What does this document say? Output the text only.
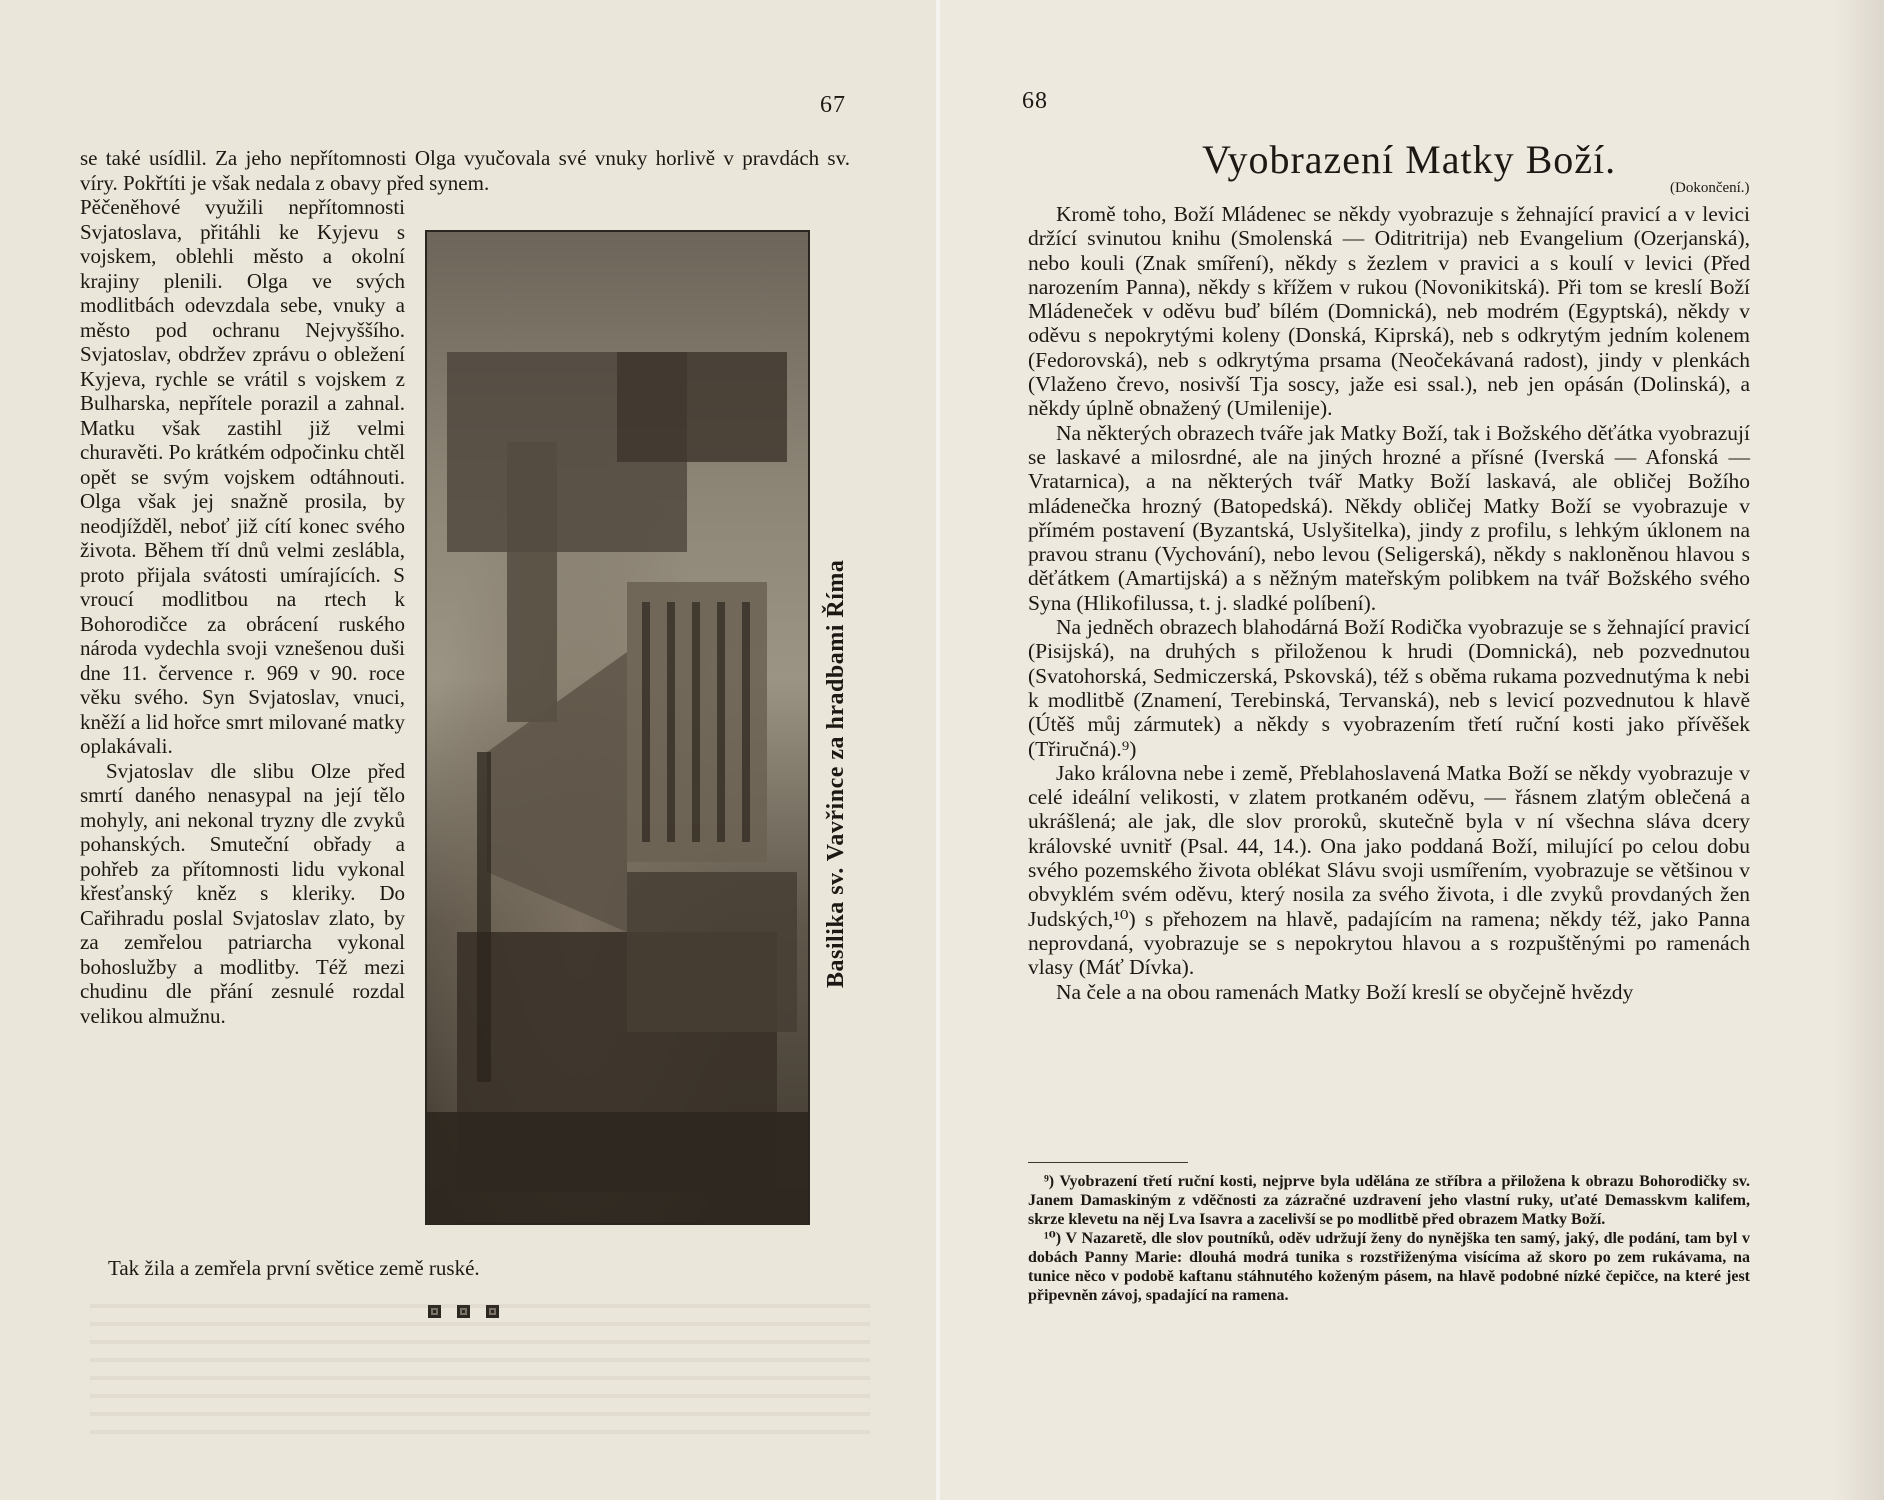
67

se také usídlil. Za jeho nepřítomnosti Olga vyučovala své vnuky horlivě v pravdách sv. víry. Pokřtíti je však nedala z obavy před synem.

Pěčeněhové využili nepřítomnosti Svjatoslava, přitáhli ke Kyjevu s vojskem, oblehli město a okolní krajiny plenili. Olga ve svých modlitbách odevzdala sebe, vnuky a město pod ochranu Nejvyššího. Svjatoslav, obdržev zprávu o obležení Kyjeva, rychle se vrátil s vojskem z Bulharska, nepřítele porazil a zahnal. Matku však zastihl již velmi churavěti. Po krátkém odpočinku chtěl opět se svým vojskem odtáhnouti. Olga však jej snažně prosila, by neodjížděl, neboť již cítí konec svého života. Během tří dnů velmi zeslábla, proto přijala svátosti umírajících. S vroucí modlitbou na rtech k Bohorodičce za obrácení ruského národa vydechla svoji vznešenou duši dne 11. července r. 969 v 90. roce věku svého. Syn Svjatoslav, vnuci, kněží a lid hořce smrt milované matky oplakávali.

Svjatoslav dle slibu Olze před smrtí daného nenasypal na její tělo mohyly, ani nekonal tryzny dle zvyků pohanských. Smuteční obřady a pohřeb za přítomnosti lidu vykonal křesťanský kněz s kleriky. Do Cařihradu poslal Svjatoslav zlato, by za zemřelou patriarcha vykonal bohoslužby a modlitby. Též mezi chudinu dle přání zesnulé rozdal velikou almužnu.

Basilika sv. Vavřince za hradbami Říma
Tak žila a zemřela první světice země ruské.
68
Vyobrazení Matky Boží.
(Dokončení.)

Kromě toho, Boží Mládenec se někdy vyobrazuje s žehnající pravicí a v levici držící svinutou knihu (Smolenská — Oditritrija) neb Evangelium (Ozerjanská), nebo kouli (Znak smíření), někdy s žezlem v pravici a s koulí v levici (Před narozením Panna), někdy s křížem v rukou (Novonikitská). Při tom se kreslí Boží Mládeneček v oděvu buď bílém (Domnická), neb modrém (Egyptská), někdy v oděvu s nepokrytými koleny (Donská, Kiprská), neb s odkrytým jedním kolenem (Fedorovská), neb s odkrytýma prsama (Neočekávaná radost), jindy v plenkách (Vlaženo črevo, nosivší Tja soscy, jaže esi ssal.), neb jen opásán (Dolinská), a někdy úplně obnažený (Umilenije).

Na některých obrazech tváře jak Matky Boží, tak i Božského děťátka vyobrazují se laskavé a milosrdné, ale na jiných hrozné a přísné (Iverská — Afonská — Vratarnica), a na některých tvář Matky Boží laskavá, ale obličej Božího mládenečka hrozný (Batopedská). Někdy obličej Matky Boží se vyobrazuje v přímém postavení (Byzantská, Uslyšitelka), jindy z profilu, s lehkým úklonem na pravou stranu (Vychování), nebo levou (Seligerská), někdy s nakloněnou hlavou s děťátkem (Amartijská) a s něžným mateřským polibkem na tvář Božského svého Syna (Hlikofilussa, t. j. sladké políbení).

Na jedněch obrazech blahodárná Boží Rodička vyobrazuje se s žehnající pravicí (Pisijská), na druhých s přiloženou k hrudi (Domnická), neb pozvednutou (Svatohorská, Sedmiczerská, Pskovská), též s oběma rukama pozvednutýma k nebi k modlitbě (Znamení, Terebinská, Tervanská), neb s levicí pozvednutou k hlavě (Útěš můj zármutek) a někdy s vyobrazením třetí ruční kosti jako přívěšek (Třiručná).⁹)

Jako královna nebe i země, Přeblahoslavená Matka Boží se někdy vyobrazuje v celé ideální velikosti, v zlatem protkaném oděvu, — řásnem zlatým oblečená a ukrášlená; ale jak, dle slov proroků, skutečně byla v ní všechna sláva dcery královské uvnitř (Psal. 44, 14.). Ona jako poddaná Boží, milující po celou dobu svého pozemského života oblékat Slávu svoji usmířením, vyobrazuje se většinou v obvyklém svém oděvu, který nosila za svého života, i dle zvyků provdaných žen Judských,¹⁰) s přehozem na hlavě, padajícím na ramena; někdy též, jako Panna neprovdaná, vyobrazuje se s nepokrytou hlavou a s rozpuštěnými po ramenách vlasy (Máť Dívka).

Na čele a na obou ramenách Matky Boží kreslí se obyčejně hvězdy

⁹) Vyobrazení třetí ruční kosti, nejprve byla udělána ze stříbra a přiložena k obrazu Bohorodičky sv. Janem Damaskiným z vděčnosti za zázračné uzdravení jeho vlastní ruky, uťaté Demasskvm kalifem, skrze klevetu na něj Lva Isavra a zacelivší se po modlitbě před obrazem Matky Boží.

¹⁰) V Nazaretě, dle slov poutníků, oděv udržují ženy do nynějška ten samý, jaký, dle podání, tam byl v dobách Panny Marie: dlouhá modrá tunika s rozstřiženýma visícíma až skoro po zem rukávama, na tunice něco v podobě kaftanu stáhnutého koženým pásem, na hlavě podobné nízké čepičce, na které jest připevněn závoj, spadající na ramena.
